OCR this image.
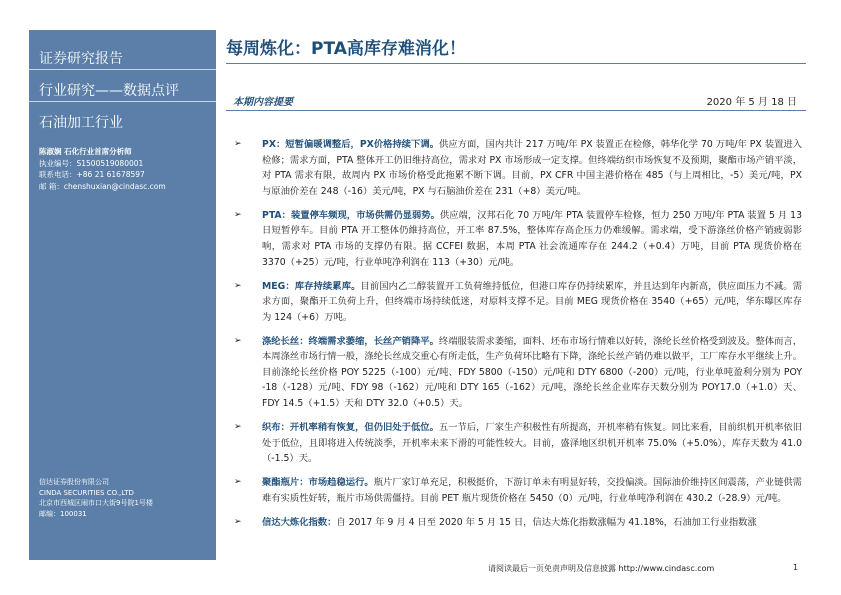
证券研究报告
行业研究——数据点评
石油加工行业
陈淑娴 石化行业首席分析师
执业编号：S1500519080001
联系电话：+86 21 61678597
邮 箱：chenshuxian@cindasc.com
信达证券股份有限公司
CINDA SECURITIES CO.,LTD
北京市西城区闹市口大街9号院1号楼
邮编：100031
每周炼化：PTA高库存难消化！
本期内容提要	2020 年 5 月 18 日
➢ PX：短暂偏暖调整后，PX价格持续下调。供应方面，国内共计 217 万吨/年 PX 装置正在检修，韩华化学 70 万吨/年 PX 装置进入检修；需求方面，PTA 整体开工仍旧维持高位，需求对 PX 市场形成一定支撑。但终端纺织市场恢复不及预期，聚酯市场产销平淡，对 PTA 需求有限，故周内 PX 市场价格受此拖累不断下调。目前，PX CFR 中国主港价格在 485（与上周相比，-5）美元/吨，PX 与原油价差在 248（-16）美元/吨，PX 与石脑油价差在 231（+8）美元/吨。
➢ PTA：装置停车频现，市场供需仍显弱势。供应端，汉邦石化 70 万吨/年 PTA 装置停车检修，恒力 250 万吨/年 PTA 装置 5 月 13 日短暂停车。目前 PTA 开工整体仍維持高位，开工率 87.5%，整体库存高企压力仍难缓解。需求端，受下游涤丝价格产销疲弱影响，需求对 PTA 市场的支撑仍有限。据 CCFEI 数据，本周 PTA 社会流通库存在 244.2（+0.4）万吨，目前 PTA 现货价格在 3370（+25）元/吨，行业单吨净利润在 113（+30）元/吨。
➢ MEG：库存持续累库。目前国内乙二醇装置开工负荷维持低位，但港口库存仍持续累库，并且达到年内新高，供应面压力不减。需求方面，聚酯开工负荷上升，但终端市场持续低迷，对原料支撑不足。目前 MEG 现货价格在 3540（+65）元/吨，华东曝区库存为 124（+6）万吨。
➢ 涤纶长丝：终端需求萎缩，长丝产销降平。终端服装需求萎缩，面料、坯布市场行情难以好转，涤纶长丝价格受到波及。整体而言，本周涤丝市场行情一般，涤纶长丝成交重心有所走低，生产负荷环比略有下降，涤纶长丝产销仍难以做平，工厂库存水平继续上升。目前涤纶长丝价格 POY 5225（-100）元/吨、FDY 5800（-150）元/吨和 DTY 6800（-200）元/吨，行业单吨盈利分别为 POY -18（-128）元/吨、FDY 98（-162）元/吨和 DTY 165（-162）元/吨，涤纶长丝企业库存天数分别为 POY17.0（+1.0）天、FDY 14.5（+1.5）天和 DTY 32.0（+0.5）天。
➢ 织布：开机率稍有恢复，但仍旧处于低位。五一节后，厂家生产积极性有所提高，开机率稍有恢复。同比来看，目前织机开机率依旧处于低位，且即将进入传统淡季，开机率未来下滑的可能性较大。目前，盛泽地区织机开机率 75.0%（+5.0%），库存天数为 41.0（-1.5）天。
➢ 聚酯瓶片：市场趋稳运行。瓶片厂家订单充足，积极挺价，下游订单未有明显好转，交投偏淡。国际油价维持区间震荡，产业链供需难有实质性好转，瓶片市场供需僵持。目前 PET 瓶片现货价格在 5450（0）元/吨，行业单吨净利润在 430.2（-28.9）元/吨。
➢ 信达大炼化指数：自 2017 年 9 月 4 日至 2020 年 5 月 15 日，信达大炼化指数涨幅为 41.18%，石油加工行业指数涨
请阅读最后一页免责声明及信息披露 http://www.cindasc.com	1
